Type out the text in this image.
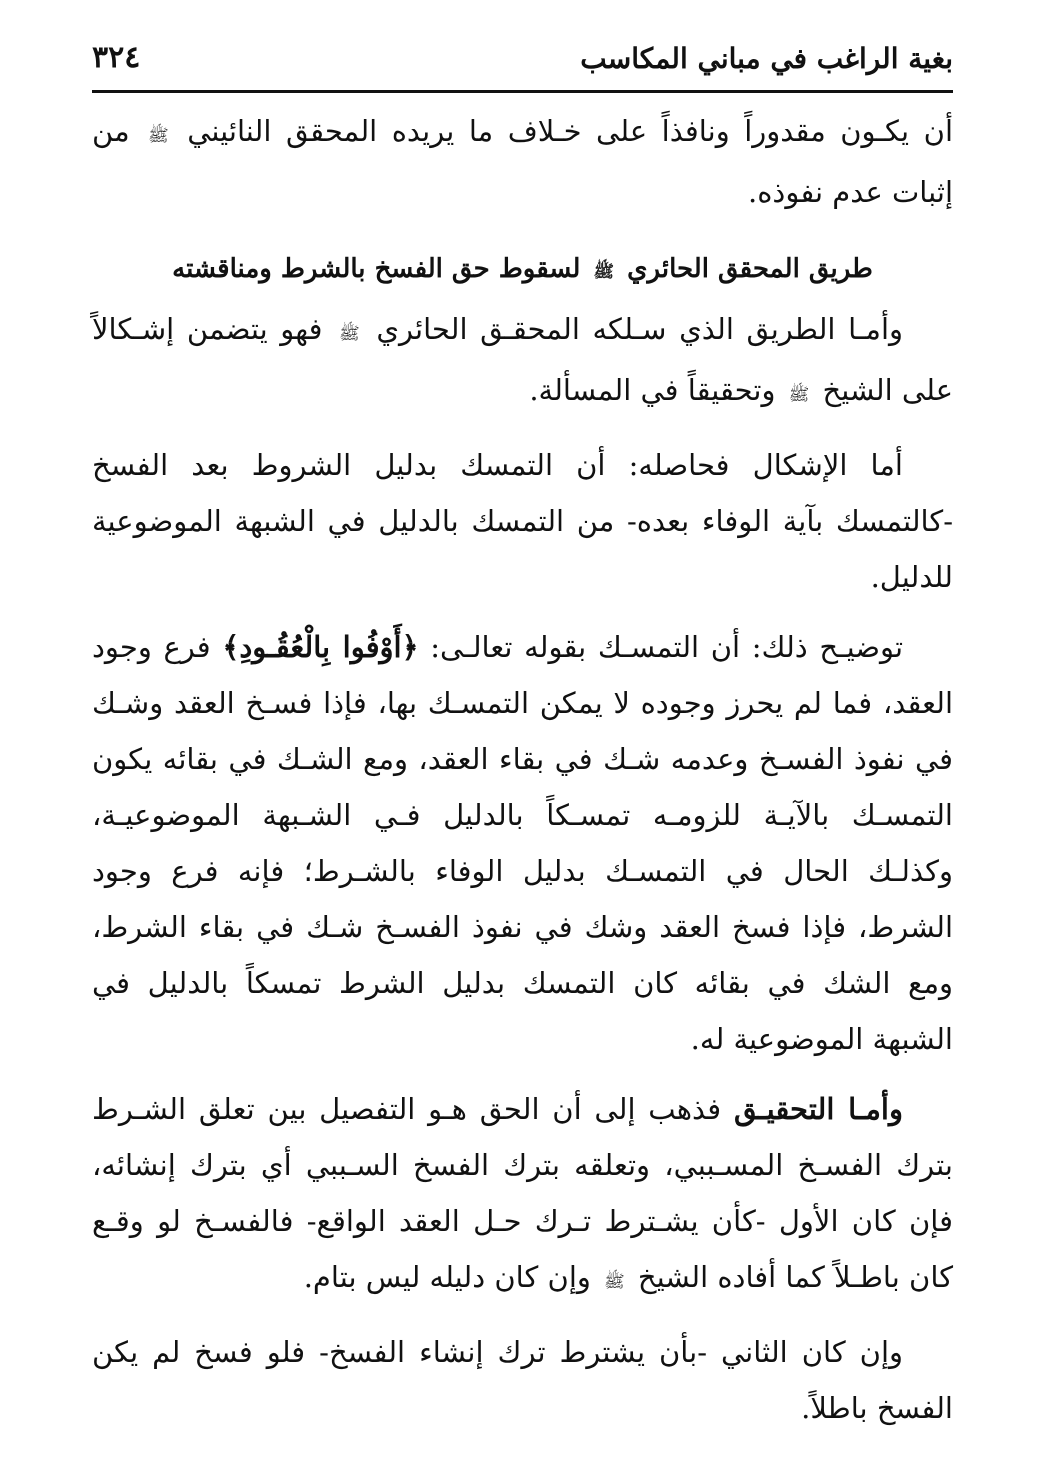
بغية الراغب في مباني المكاسب
٣٢٤

أن يكـون مقدوراً ونافذاً على خـلاف ما يريده المحقق النائيني ﷺ من إثبات عدم نفوذه.

طريق المحقق الحائري ﷺ لسقوط حق الفسخ بالشرط ومناقشته

وأمـا الطريق الذي سـلكه المحقـق الحائري ﷺ فهو يتضمن إشـكالاً على الشيخ ﷺ وتحقيقاً في المسألة.

أما الإشكال فحاصله: أن التمسك بدليل الشروط بعد الفسخ -كالتمسك بآية الوفاء بعده- من التمسك بالدليل في الشبهة الموضوعية للدليل.

توضيـح ذلك: أن التمسـك بقوله تعالـى: ﴿أَوْفُوا بِالْعُقُـودِ﴾ فرع وجود العقد، فما لم يحرز وجوده لا يمكن التمسـك بها، فإذا فسـخ العقد وشـك في نفوذ الفسـخ وعدمه شـك في بقاء العقد، ومع الشـك في بقائه يكون التمسـك بالآيـة للزومـه تمسـكاً بالدليل فـي الشـبهة الموضوعيـة، وكذلـك الحال في التمسـك بدليل الوفاء بالشـرط؛ فإنه فرع وجود الشرط، فإذا فسخ العقد وشك في نفوذ الفسـخ شـك في بقاء الشرط، ومع الشك في بقائه كان التمسك بدليل الشرط تمسكاً بالدليل في الشبهة الموضوعية له.

وأمـا التحقيـق فذهب إلى أن الحق هـو التفصيل بين تعلق الشـرط بترك الفسـخ المسـببي، وتعلقه بترك الفسخ السـببي أي بترك إنشائه، فإن كان الأول -كأن يشـترط تـرك حـل العقد الواقع- فالفسـخ لو وقـع كان باطـلاً كما أفاده الشيخ ﷺ وإن كان دليله ليس بتام.

وإن كان الثاني -بأن يشترط ترك إنشاء الفسخ- فلو فسخ لم يكن الفسخ باطلاً.
